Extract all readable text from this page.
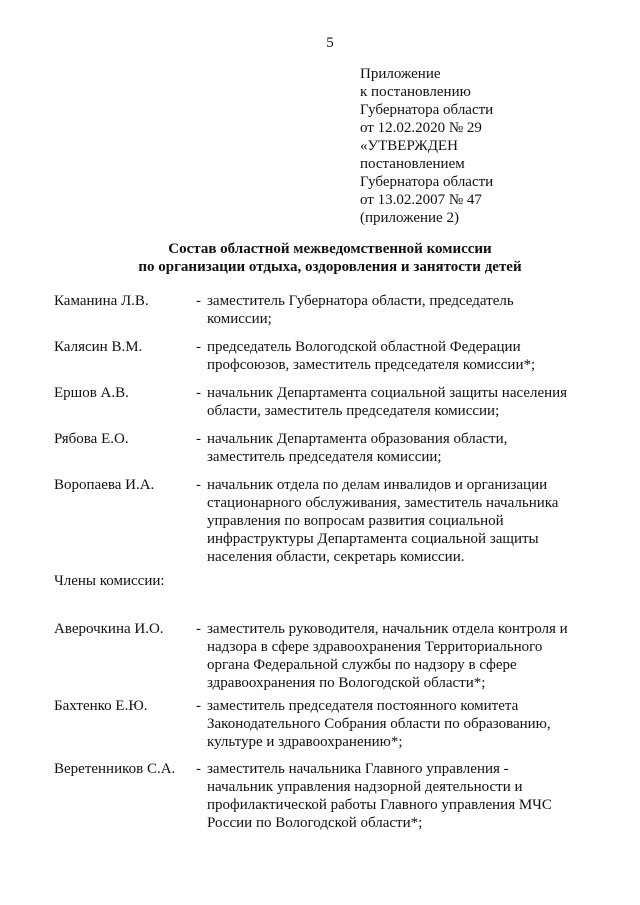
5
Приложение
к постановлению
Губернатора области
от 12.02.2020 № 29
«УТВЕРЖДЕН
постановлением
Губернатора области
от 13.02.2007 № 47
(приложение 2)
Состав областной межведомственной комиссии
по организации отдыха, оздоровления и занятости детей
Каманина Л.В.	- заместитель Губернатора области, председатель
комиссии;
Калясин В.М.	- председатель Вологодской областной Федерации
профсоюзов, заместитель председателя комиссии*;
Ершов А.В.	- начальник Департамента социальной защиты населения
области, заместитель председателя комиссии;
Рябова Е.О.	- начальник Департамента образования области,
заместитель председателя комиссии;
Воропаева И.А.	- начальник отдела по делам инвалидов и организации
стационарного обслуживания, заместитель начальника
управления по вопросам развития социальной
инфраструктуры Департамента социальной защиты
населения области, секретарь комиссии.
Члены комиссии:
Аверочкина И.О. - заместитель руководителя, начальник отдела контроля и
надзора в сфере здравоохранения Территориального
органа Федеральной службы по надзору в сфере
здравоохранения по Вологодской области*;
Бахтенко Е.Ю.	- заместитель председателя постоянного комитета
Законодательного Собрания области по образованию,
культуре и здравоохранению*;
Веретенников С.А. - заместитель начальника Главного управления -
начальник управления надзорной деятельности и
профилактической работы Главного управления МЧС
России по Вологодской области*;
